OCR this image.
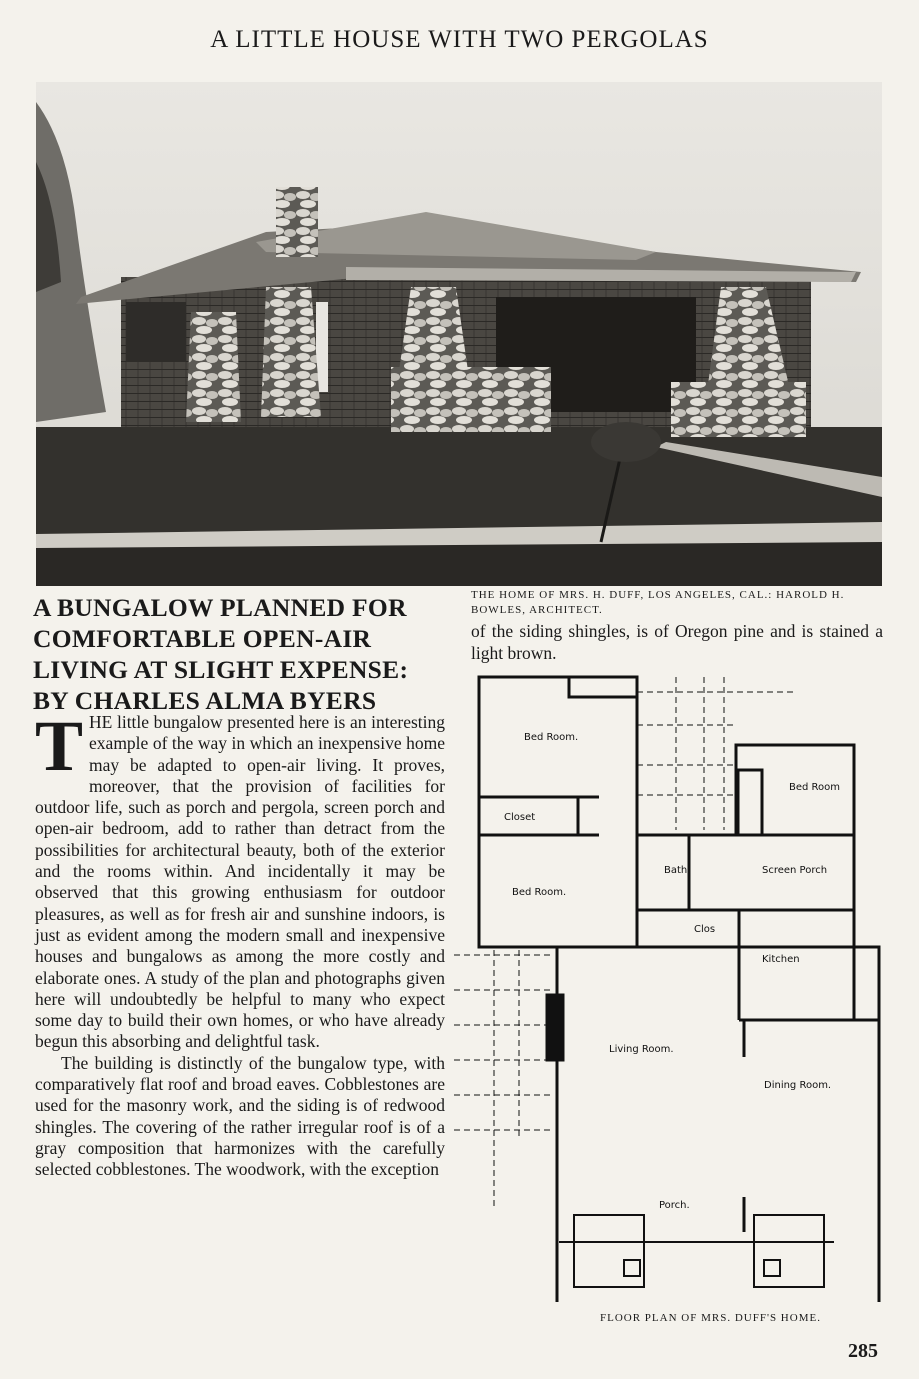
A LITTLE HOUSE WITH TWO PERGOLAS
A BUNGALOW PLANNED FOR COMFORTABLE OPEN-AIR LIVING AT SLIGHT EXPENSE: BY CHARLES ALMA BYERS
THE HOME OF MRS. H. DUFF, LOS ANGELES, CAL.: HAROLD H. BOWLES, ARCHITECT.

THE little bungalow presented here is an interesting example of the way in which an inexpensive home may be adapted to open-air living. It proves, moreover, that the provision of facilities for outdoor life, such as porch and pergola, screen porch and open-air bedroom, add to rather than detract from the possibilities for architectural beauty, both of the exterior and the rooms within. And incidentally it may be observed that this growing enthusiasm for outdoor pleasures, as well as for fresh air and sunshine indoors, is just as evident among the modern small and inexpensive houses and bungalows as among the more costly and elaborate ones. A study of the plan and photographs given here will undoubtedly be helpful to many who expect some day to build their own homes, or who have already begun this absorbing and delightful task.

The building is distinctly of the bungalow type, with comparatively flat roof and broad eaves. Cobblestones are used for the masonry work, and the siding is of redwood shingles. The covering of the rather irregular roof is of a gray composition that harmonizes with the carefully selected cobblestones. The woodwork, with the exception

of the siding shingles, is of Oregon pine and is stained a light brown.
Bed Room.
Closet
Bed Room.
Bed Room
Bath	Screen Porch
Clos
Kitchen
Living Room.
Dining Room.
Porch.
FLOOR PLAN OF MRS. DUFF'S HOME.
285
